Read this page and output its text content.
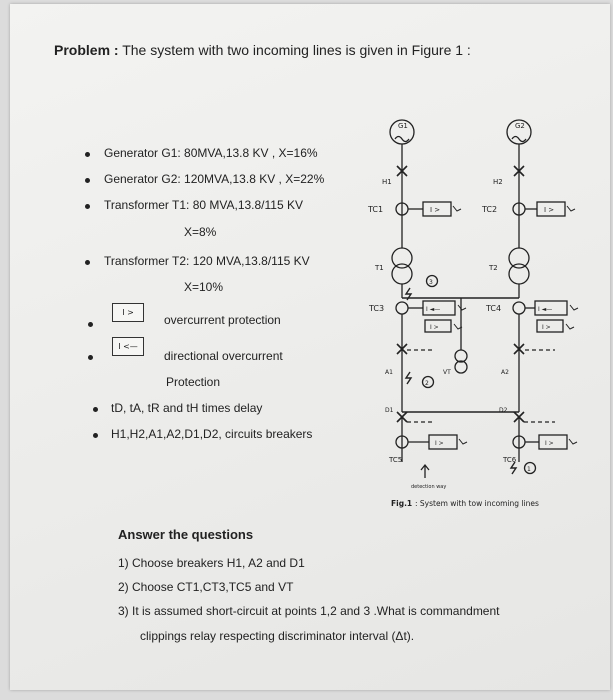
Problem : The system with two incoming lines is given in Figure 1 :
Generator G1: 80MVA,13.8 KV , X=16%
Generator G2: 120MVA,13.8 KV , X=22%
Transformer T1: 80 MVA,13.8/115 KV
X=8%
Transformer T2: 120 MVA,13.8/115 KV
X=10%
I >
overcurrent protection
I <—
directional overcurrent
Protection
tD, tA, tR and tH times delay
H1,H2,A1,A2,D1,D2, circuits breakers
G1	G2
H1	H2
TC1	TC2
I >	I >
T1	T2
3
TC3	TC4
I ◄—	I ◄—
I >	I >
A1	A2
VT
2
D1	D2
I >	I >
TC5	TC6
1
detection way
Fig.1 : System with tow incoming lines
Answer the questions
1) Choose breakers H1, A2 and D1
2) Choose CT1,CT3,TC5 and VT
3) It is assumed short-circuit at points 1,2 and 3 .What is commandment
clippings relay respecting discriminator interval (Δt).
